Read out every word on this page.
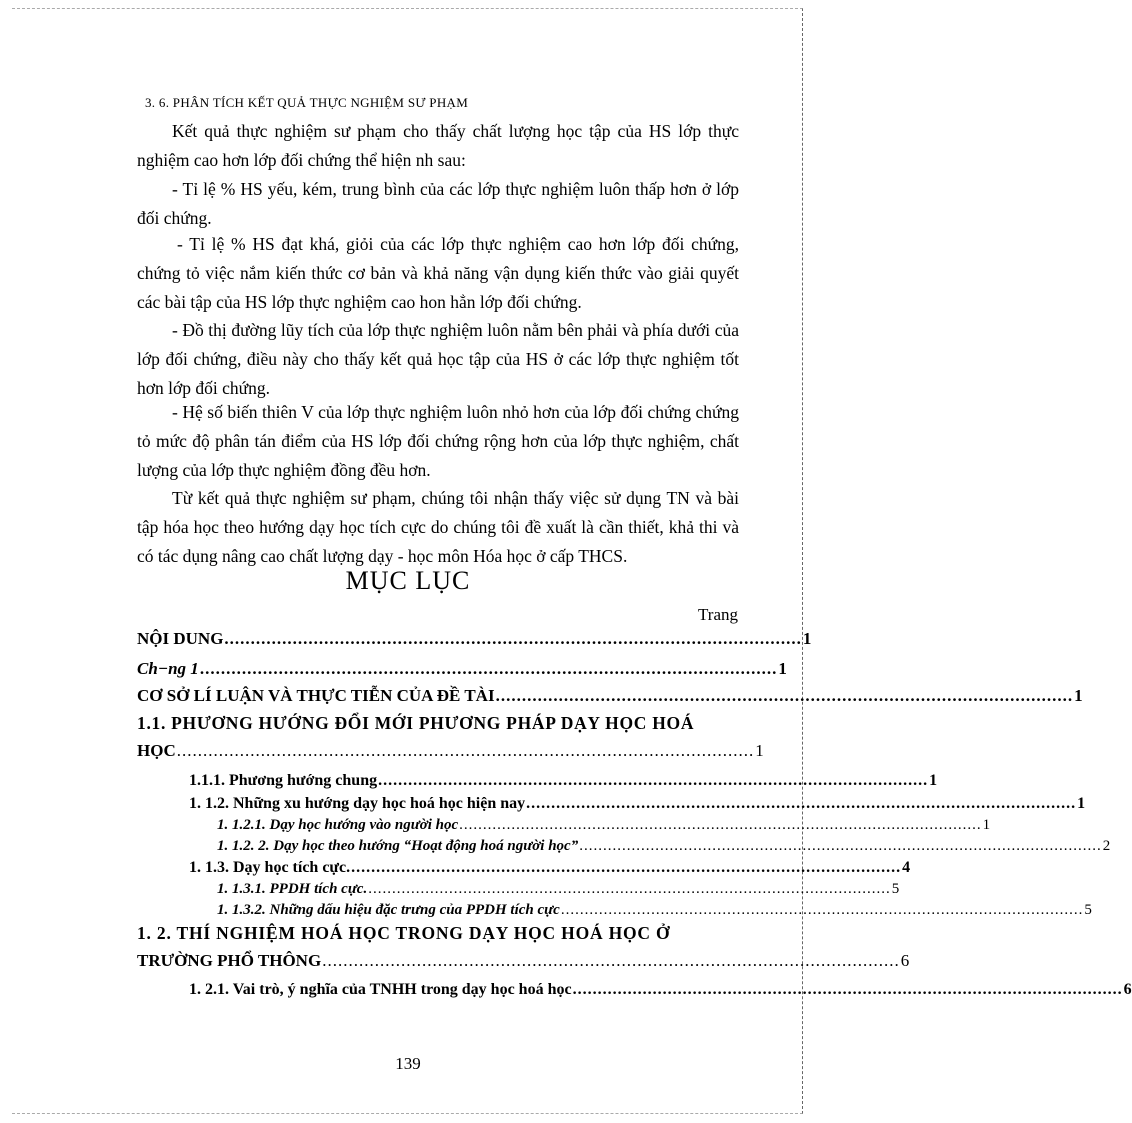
3. 6. PHÂN TÍCH KẾT QUẢ THỰC NGHIỆM SƯ PHẠM
Kết quả thực nghiệm sư phạm cho thấy chất lượng học tập của HS lớp thực nghiệm cao hơn lớp đối chứng thể hiện nh sau:
- Tỉ lệ % HS yếu, kém, trung bình của các lớp thực nghiệm luôn thấp hơn ở lớp đối chứng.
- Tỉ lệ % HS đạt khá, giỏi của các lớp thực nghiệm cao hơn lớp đối chứng, chứng tỏ việc nắm kiến thức cơ bản và khả năng vận dụng kiến thức vào giải quyết các bài tập của HS lớp thực nghiệm cao hon hẳn lớp đối chứng.
- Đồ thị đường lũy tích của lớp thực nghiệm luôn nằm bên phải và phía dưới của lớp đối chứng, điều này cho thấy kết quả học tập của HS ở các lớp thực nghiệm tốt hơn lớp đối chứng.
- Hệ số biến thiên V của lớp thực nghiệm luôn nhỏ hơn của lớp đối chứng chứng tỏ mức độ phân tán điểm của HS lớp đối chứng rộng hơn của lớp thực nghiệm, chất lượng của lớp thực nghiệm đồng đều hơn.
Từ kết quả thực nghiệm sư phạm, chúng tôi nhận thấy việc sử dụng TN và bài tập hóa học theo hướng dạy học tích cực do chúng tôi đề xuất là cần thiết, khả thi và có tác dụng nâng cao chất lượng dạy - học môn Hóa học ở cấp THCS.
MỤC LỤC
Trang
NỘI DUNG .............................................................................................................. 1
Ch−ng 1 .............................................................................................................. 1
CƠ SỞ LÍ LUẬN VÀ THỰC TIỄN CỦA ĐỀ TÀI .............................................................................................................. 1
1.1. PHƯƠNG HƯỚNG ĐỔI MỚI PHƯƠNG PHÁP DẠY HỌC HOÁ
HỌC .............................................................................................................. 1
1.1.1. Phương hướng chung .............................................................................................................. 1
1. 1.2. Những xu hướng dạy học hoá học hiện nay .............................................................................................................. 1
1. 1.2.1. Dạy học hướng vào người học .............................................................................................................. 1
1. 1.2. 2. Dạy học theo hướng “Hoạt động hoá người học” .............................................................................................................. 2
1. 1.3. Dạy học tích cực. .............................................................................................................. 4
1. 1.3.1. PPDH tích cực. .............................................................................................................. 5
1. 1.3.2. Những dấu hiệu đặc trưng của PPDH tích cực .............................................................................................................. 5
1. 2. THÍ NGHIỆM HOÁ HỌC TRONG DẠY HỌC HOÁ HỌC Ở
TRƯỜNG PHỔ THÔNG .............................................................................................................. 6
1. 2.1. Vai trò, ý nghĩa của TNHH trong dạy học hoá học .............................................................................................................. 6
139
